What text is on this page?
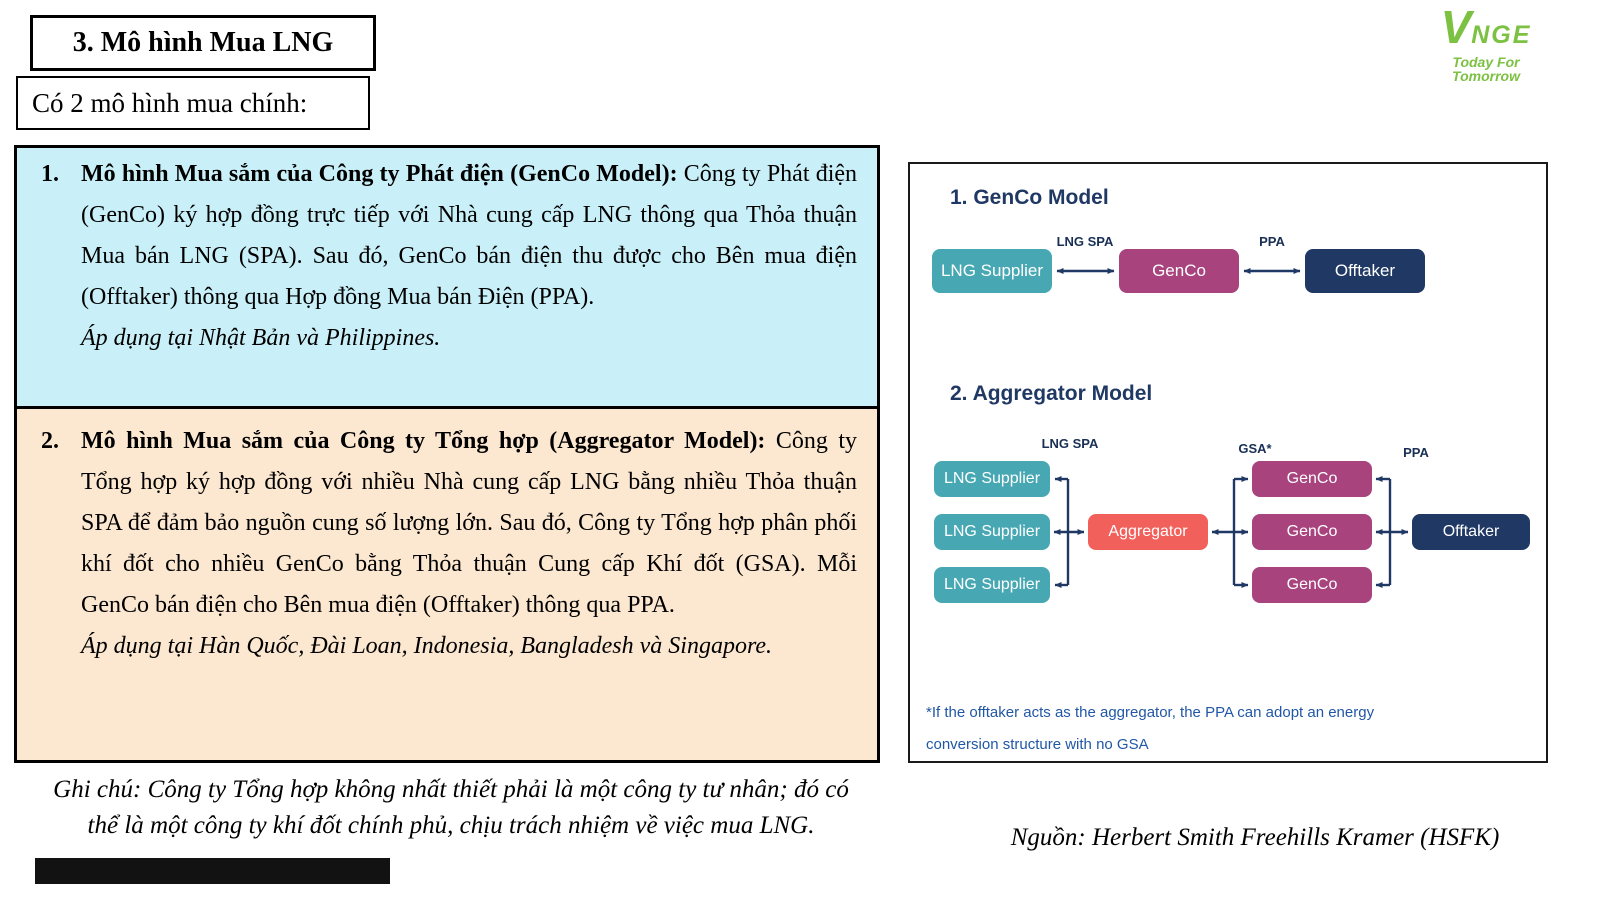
3. Mô hình Mua LNG
Có 2 mô hình mua chính:
1. Mô hình Mua sắm của Công ty Phát điện (GenCo Model): Công ty Phát điện (GenCo) ký hợp đồng trực tiếp với Nhà cung cấp LNG thông qua Thỏa thuận Mua bán LNG (SPA). Sau đó, GenCo bán điện thu được cho Bên mua điện (Offtaker) thông qua Hợp đồng Mua bán Điện (PPA).

Áp dụng tại Nhật Bản và Philippines.

2. Mô hình Mua sắm của Công ty Tổng hợp (Aggregator Model): Công ty Tổng hợp ký hợp đồng với nhiều Nhà cung cấp LNG bằng nhiều Thỏa thuận SPA để đảm bảo nguồn cung số lượng lớn. Sau đó, Công ty Tổng hợp phân phối khí đốt cho nhiều GenCo bằng Thỏa thuận Cung cấp Khí đốt (GSA). Mỗi GenCo bán điện cho Bên mua điện (Offtaker) thông qua PPA.

Áp dụng tại Hàn Quốc, Đài Loan, Indonesia, Bangladesh và Singapore.

Ghi chú: Công ty Tổng hợp không nhất thiết phải là một công ty tư nhân; đó có thể là một công ty khí đốt chính phủ, chịu trách nhiệm về việc mua LNG.
1. GenCo Model
LNG SPA	PPA
LNG Supplier	GenCo	Offtaker
2. Aggregator Model
LNG SPA	GSA*	PPA
LNG Supplier
LNG Supplier
LNG Supplier
Aggregator
GenCo
GenCo
GenCo
Offtaker
*If the offtaker acts as the aggregator, the PPA can adopt an energy
conversion structure with no GSA
Nguồn: Herbert Smith Freehills Kramer (HSFK)
VNGE
Today For Tomorrow
